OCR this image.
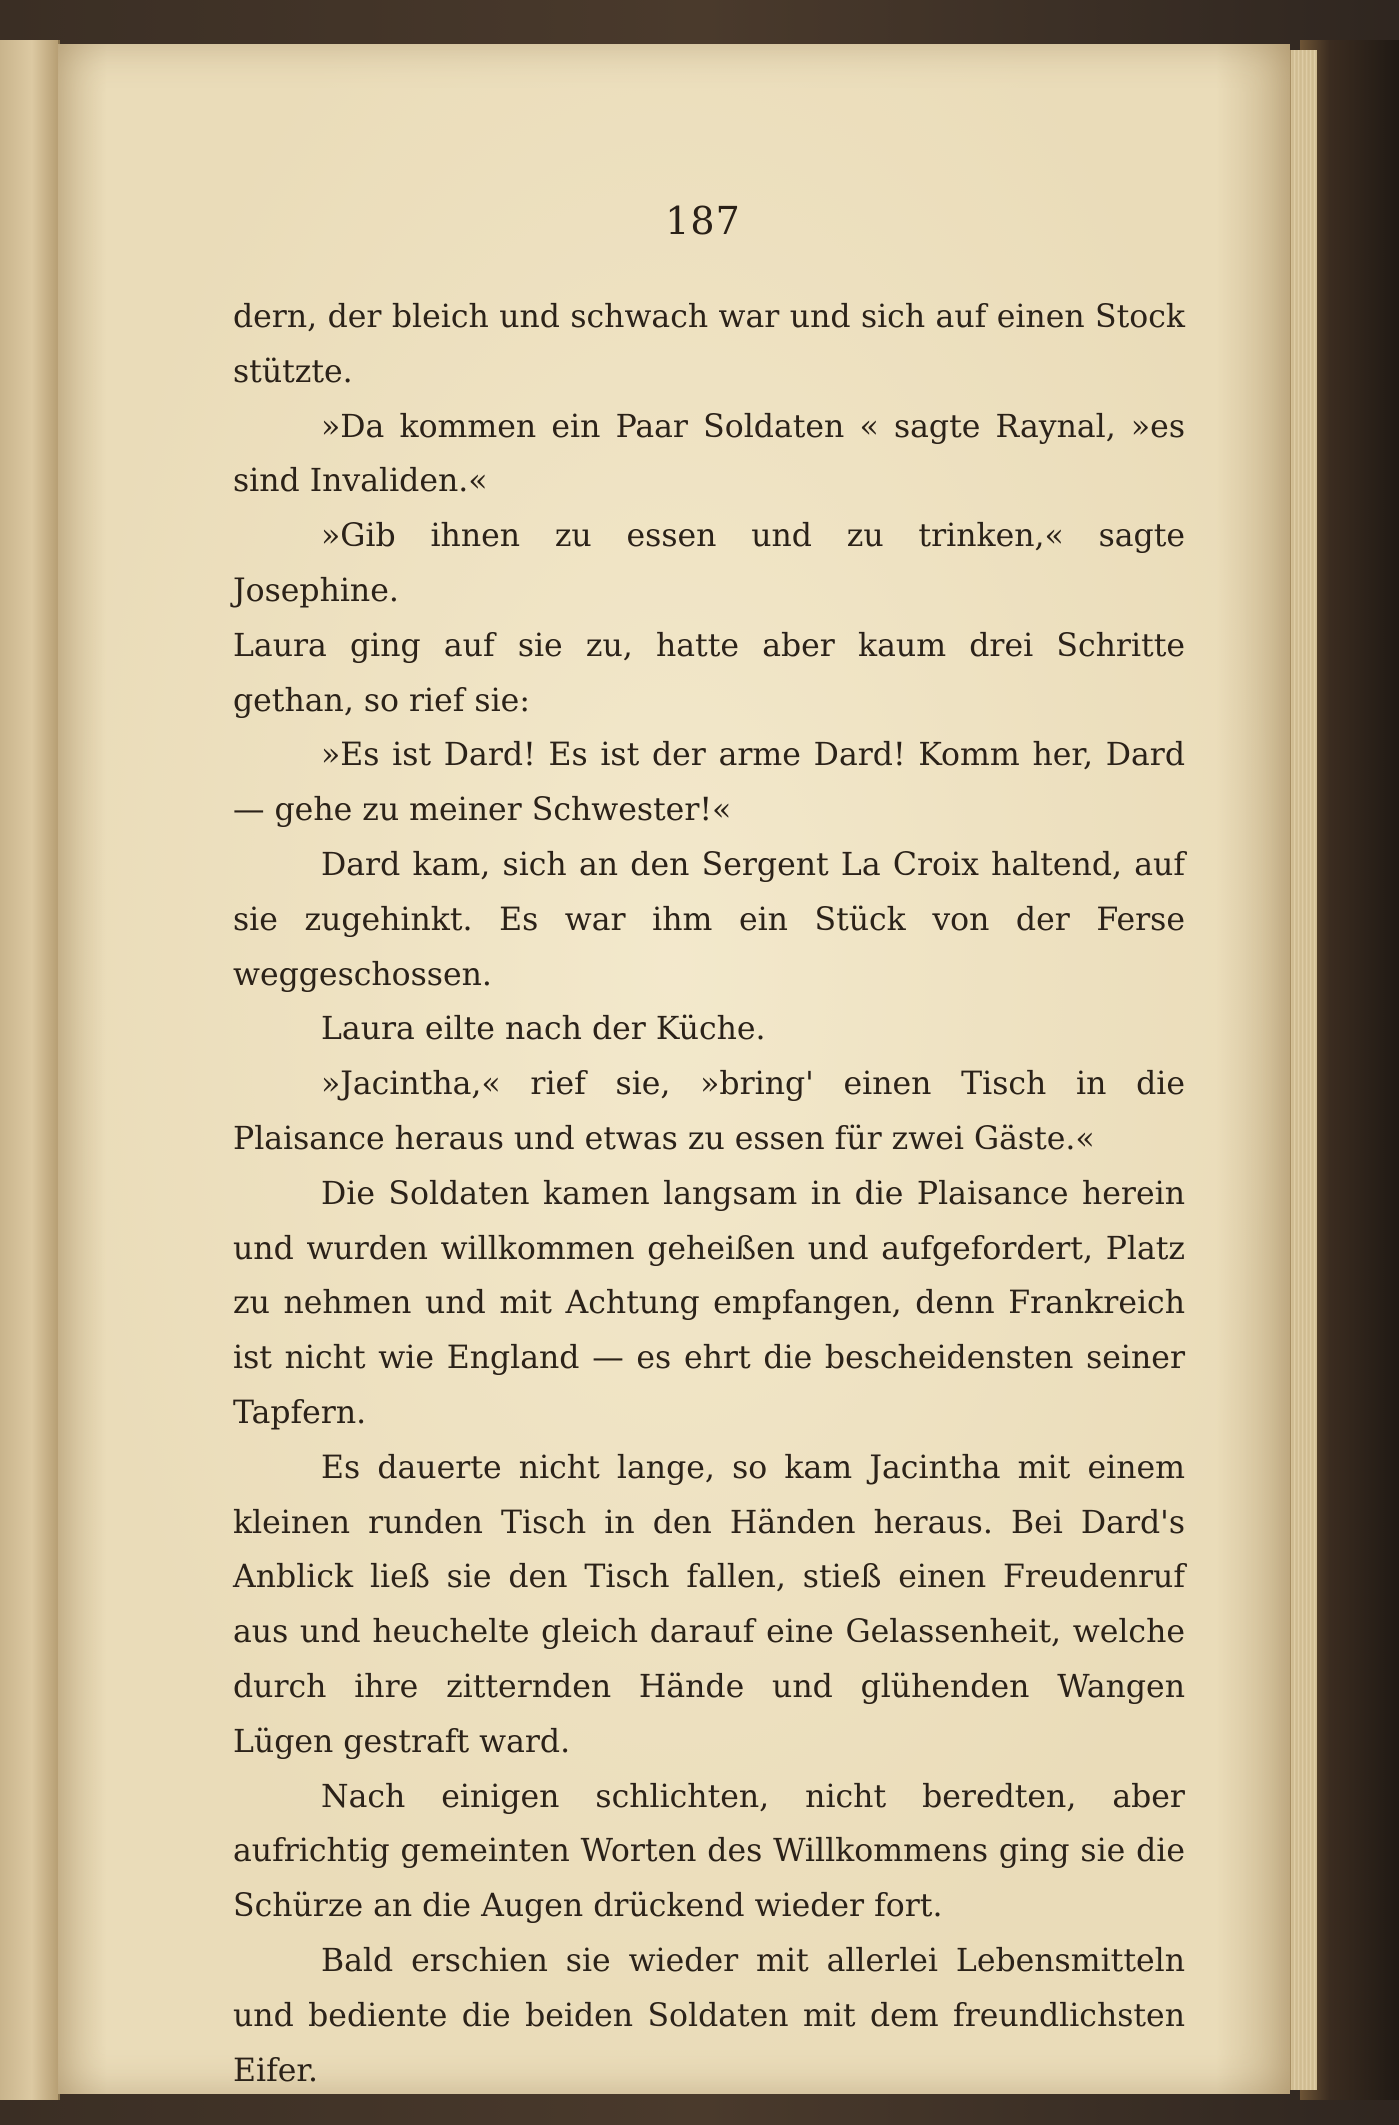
187

dern, der bleich und schwach war und sich auf einen Stock stützte.

»Da kommen ein Paar Soldaten « sagte Raynal, »es sind Invaliden.«

»Gib ihnen zu essen und zu trinken,« sagte Josephine.

Laura ging auf sie zu, hatte aber kaum drei Schritte gethan, so rief sie:

»Es ist Dard! Es ist der arme Dard! Komm her, Dard — gehe zu meiner Schwester!«

Dard kam, sich an den Sergent La Croix haltend, auf sie zugehinkt. Es war ihm ein Stück von der Ferse weggeschossen.

Laura eilte nach der Küche.

»Jacintha,« rief sie, »bring' einen Tisch in die Plaisance heraus und etwas zu essen für zwei Gäste.«

Die Soldaten kamen langsam in die Plaisance herein und wurden willkommen geheißen und aufgefordert, Platz zu nehmen und mit Achtung empfangen, denn Frankreich ist nicht wie England — es ehrt die bescheidensten seiner Tapfern.

Es dauerte nicht lange, so kam Jacintha mit einem kleinen runden Tisch in den Händen heraus. Bei Dard's Anblick ließ sie den Tisch fallen, stieß einen Freudenruf aus und heuchelte gleich darauf eine Gelassenheit, welche durch ihre zitternden Hände und glühenden Wangen Lügen gestraft ward.

Nach einigen schlichten, nicht beredten, aber aufrichtig gemeinten Worten des Willkommens ging sie die Schürze an die Augen drückend wieder fort.

Bald erschien sie wieder mit allerlei Lebensmitteln und bediente die beiden Soldaten mit dem freundlichsten Eifer.
